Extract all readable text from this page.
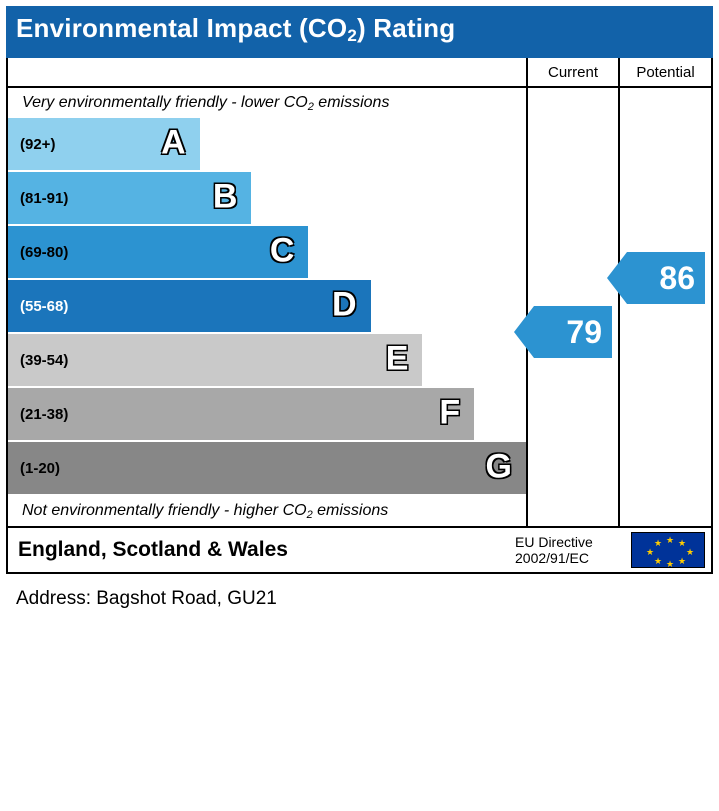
Environmental Impact $(CO_2)$ Rating
Current	Potential
Very environmentally friendly - lower $CO_2$ emissions
(92+)	A
(81-91)	B
(69-80)	C
(55-68)	D
(39-54)	E
(21-38)	F
(1-20)	G
Not environmentally friendly - higher $CO_2$ emissions
79
86
England, Scotland & Wales	EU Directive
2002/91/EC
★ ★
★
★
★
★
★
★
Address: Bagshot Road, GU21
